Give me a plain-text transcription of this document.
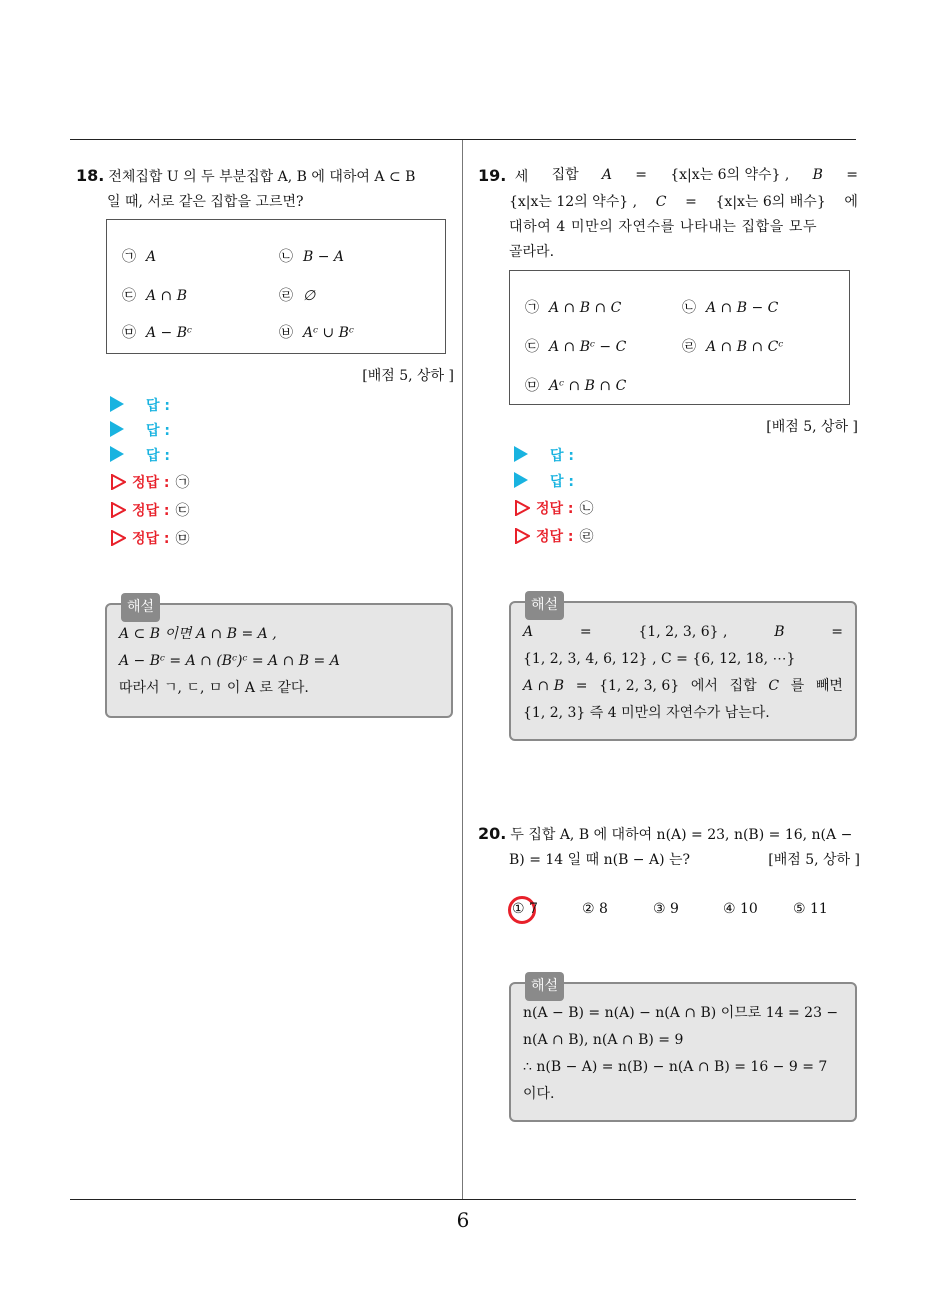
6
18. 전체집합 U 의 두 부분집합 A, B 에 대하여 A ⊂ B
일 때, 서로 같은 집합을 고르면?
㉠ A	㉡ B − A
㉢ A ∩ B	㉣ ∅
㉤ A − Bᶜ	㉥ Aᶜ ∪ Bᶜ
[배점 5, 상하 ]
답 :
답 :
답 :
정답 : ㉠
정답 : ㉢
정답 : ㉤
해설
A ⊂ B 이면 A ∩ B = A ,
A − Bᶜ = A ∩ (Bᶜ)ᶜ = A ∩ B = A
따라서 ㄱ, ㄷ, ㅁ 이 A 로 같다.
19. 세 집합 A = {x|x는 6의 약수} , B =
{x|x는 12의 약수} , C = {x|x는 6의 배수} 에
대하여 4 미만의 자연수를 나타내는 집합을 모두
골라라.
㉠ A ∩ B ∩ C	㉡ A ∩ B − C
㉢ A ∩ Bᶜ − C	㉣ A ∩ B ∩ Cᶜ
㉤ Aᶜ ∩ B ∩ C
[배점 5, 상하 ]
답 :
답 :
정답 : ㉡
정답 : ㉣
해설
A	=	{1, 2, 3, 6} ,	B	=
{1, 2, 3, 4, 6, 12} , C = {6, 12, 18, ⋯}
A ∩ B = {1, 2, 3, 6} 에서 집합 C 를 빼면
{1, 2, 3} 즉 4 미만의 자연수가 남는다.
20. 두 집합 A, B 에 대하여 n(A) = 23, n(B) = 16, n(A −
B) = 14 일 때 n(B − A) 는?	[배점 5, 상하 ]
① 7	② 8	③ 9	④ 10	⑤ 11
해설
n(A − B) = n(A) − n(A ∩ B) 이므로 14 = 23 −
n(A ∩ B), n(A ∩ B) = 9
∴ n(B − A) = n(B) − n(A ∩ B) = 16 − 9 = 7
이다.
